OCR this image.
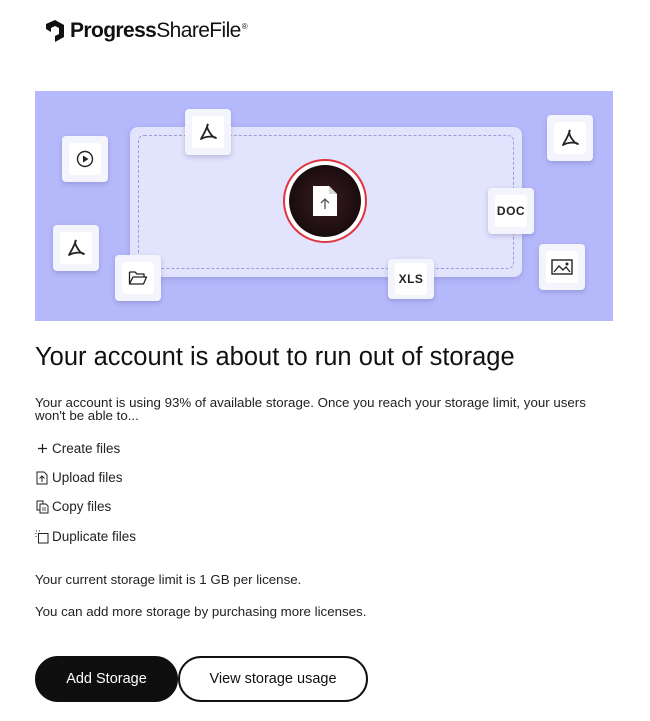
ProgressShareFile®
DOC
XLS
Your account is about to run out of storage

Your account is using 93% of available storage. Once you reach your storage limit, your users won't be able to...

Create files
Upload files
Copy files
Duplicate files

Your current storage limit is 1 GB per license.

You can add more storage by purchasing more licenses.

Add Storage	View storage usage
